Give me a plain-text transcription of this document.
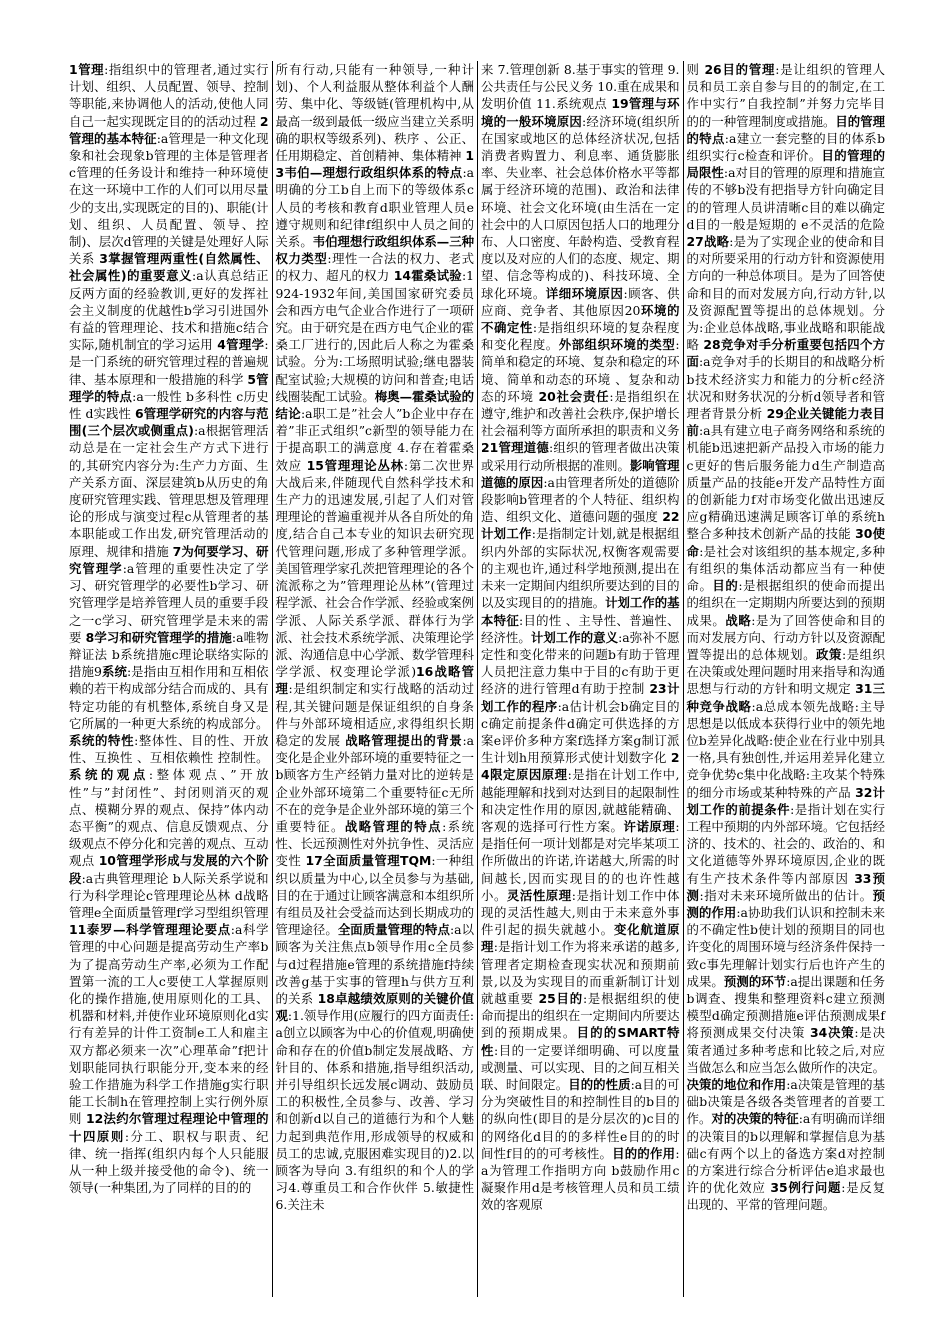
1管理:指组织中的管理者,通过实行计划、组织、人员配置、领导、控制等职能,来协调他人的活动,使他人同自己一起实现既定目的的活动过程 2管理的基本特征:a管理是一种文化现象和社会现象b管理的主体是管理者c管理的任务设计和维持一种环境使在这一环境中工作的人们可以用尽量少的支出,实现既定的目的)、职能(计划、组织、人员配置、领导、控制)、层次d管理的关键是处理好人际关系 3掌握管理两重性(自然属性、社会属性)的重要意义:a认真总结正反两方面的经验教训,更好的发挥社会主义制度的优越性b学习引进国外有益的管理理论、技术和措施c结合实际,随机制宜的学习运用 4管理学:是一门系统的研究管理过程的普遍规律、基本原理和一般措施的科学 5管理学的特点:a一般性 b多科性 c历史性 d实践性 6管理学研究的内容与范围(三个层次或侧重点):a根据管理活动总是在一定社会生产方式下进行的,其研究内容分为:生产力方面、生产关系方面、深层建筑b从历史的角度研究管理实践、管理思想及管理理论的形成与演变过程c从管理者的基本职能或工作出发,研究管理活动的原理、规律和措施 7为何要学习、研究管理学:a管理的重要性决定了学习、研究管理学的必要性b学习、研究管理学是培养管理人员的重要手段之一c学习、研究管理学是未来的需要 8学习和研究管理学的措施:a唯物辩证法 b系统措施c理论联络实际的措施9系统:是指由互相作用和互相依赖的若干构成部分结合而成的、具有特定功能的有机整体,系统自身又是它所属的一种更大系统的构成部分。系统的特性:整体性、目的性、开放性、互换性 、互相依赖性 控制性。系统的观点:整体观点、”开放性”与”封闭性”、封闭则消灭的观点、模糊分界的观点、保持”体内动态平衡”的观点、信息反馈观点、分级观点不停分化和完善的观点、互动观点 10管理学形成与发展的六个阶段:a古典管理理论 b人际关系学说和行为科学理论c管理理论丛林 d战略管理e全面质量管理f学习型组织管理 11泰罗—科学管理理论要点:a科学管理的中心问题是提高劳动生产率b为了提高劳动生产率,必须为工作配置第一流的工人c要使工人掌握原则化的操作措施,使用原则化的工具、机器和材料,并使作业环境原则化d实行有差异的计件工资制e工人和雇主双方都必须来一次”心理革命”f把计划职能同执行职能分开,变本来的经验工作措施为科学工作措施g实行职能工长制h在管理控制上实行例外原则 12法约尔管理过程理论中管理的十四原则:分工、职权与职责、纪律、统一指挥(组织内每个人只能服从一种上级并接受他的命令)、统一领导(一种集团,为了同样的目的的
所有行动,只能有一种领导,一种计划)、个人利益服从整体利益个人酬劳、集中化、等级链(管理机构中,从最高一级到最低一级应当建立关系明确的职权等级系列)、秩序 、公正、任用期稳定、首创精神、集体精神 13韦伯—理想行政组织体系的特点:a明确的分工b自上而下的等级体系c人员的考核和教育d职业管理人员e遵守规则和纪律f组织中人员之间的关系。韦伯理想行政组织体系—三种权力类型:理性一合法的权力、老式的权力、超凡的权力 14霍桑试验:1924-1932年间,美国国家研究委员会和西方电气企业合作进行了一项研究。由于研究是在西方电气企业的霍桑工厂进行的,因此后人称之为霍桑试验。分为:工场照明试验;继电器装配室试验;大规模的访问和普查;电话线圈装配工试验。梅奥—霍桑试验的结论:a职工是”社会人”b企业中存在着”非正式组织”c新型的领导能力在于提高职工的满意度 4.存在着霍桑效应 15管理理论丛林:第二次世界大战后来,伴随现代自然科学技术和生产力的迅速发展,引起了人们对管理理论的普遍重视并从各自所处的角度,结合自己本专业的知识去研究现代管理问题,形成了多种管理学派。美国管理学家孔茨把管理理论的各个流派称之为”管理理论丛林”(管理过程学派、社会合作学派、经验或案例学派、人际关系学派、群体行为学派、社会技术系统学派、决策理论学派、沟通信息中心学派、数学管理科学学派、权变理论学派)16战略管理:是组织制定和实行战略的活动过程,其关键问题是保证组织的自身条件与外部环境相适应,求得组织长期稳定的发展 战略管理提出的背景:a变化是企业外部环境的重要特征之一b顾客方生产经销力量对比的逆转是企业外部环境第二个重要特征c无所不在的竞争是企业外部环境的第三个重要特征。战略管理的特点:系统性、长远预测性对外抗争性、灵活应变性 17全面质量管理TQM:一种组织以质量为中心,以全员参与为基础,目的在于通过让顾客满意和本组织所有组员及社会受益而达到长期成功的管理途径。全面质量管理的特点:a以顾客为关注焦点b领导作用c全员参与d过程措施e管理的系统措施f持续改善g基于实事的管理h与供方互利的关系 18卓越绩效原则的关键价值观:1.领导作用(应履行的四方面责任:a创立以顾客为中心的价值观,明确使命和存在的价值b制定发展战略、方针目的、体系和措施,指导组织活动,并引导组织长远发展c调动、鼓励员工的积极性,全员参与、改善、学习和创新d以自己的道德行为和个人魅力起到典范作用,形成领导的权威和员工的忠诚,克服困难实现目的)2.以顾客为导向 3.有组织的和个人的学习4.尊重员工和合作伙伴 5.敏捷性 6.关注未
来 7.管理创新 8.基于事实的管理 9.公共责任与公民义务 10.重在成果和发明价值 11.系统观点 19管理与环境的一般环境原因:经济环境(组织所在国家或地区的总体经济状况,包括消费者购置力、利息率、通货膨胀率、失业率、社会总体价格水平等都属于经济环境的范围)、政治和法律环境、社会文化环境(由生活在一定社会中的人口原因包括人口的地理分布、人口密度、年龄构造、受教育程度以及对应的人们的态度、规定、期望、信念等构成的)、科技环境、全球化环境。详细环境原因:顾客、供应商、竞争者、其他原因20环境的不确定性:是指组织环境的复杂程度和变化程度。外部组织环境的类型:简单和稳定的环境、复杂和稳定的环境、简单和动态的环境 、复杂和动态的环境 20社会责任:是指组织在遵守,维护和改善社会秩序,保护增长社会福利等方面所承担的职责和义务 21管理道德:组织的管理者做出决策或采用行动所根据的准则。影响管理道德的原因:a由管理者所处的道德阶段影响b管理者的个人特征、组织构造、组织文化、道德问题的强度 22计划工作:是指制定计划,就是根据组织内外部的实际状况,权衡客观需要的主观也许,通过科学地预测,提出在未来一定期间内组织所要达到的目的以及实现目的的措施。计划工作的基本特征:目的性 、主导性、普遍性、经济性。计划工作的意义:a弥补不愿定性和变化带来的问题b有助于管理人员把注意力集中于目的c有助于更经济的进行管理d有助于控制 23计划工作的程序:a估计机会b确定目的 c确定前提条件d确定可供选择的方案e评价多种方案f选择方案g制订派生计划h用预算形式使计划数字化 24限定原因原理:是指在计划工作中,越能理解和找到对达到目的起限制性和决定性作用的原因,就越能精确、客观的选择可行性方案。许诺原理:是指任何一项计划都是对完毕某项工作所做出的许诺,许诺越大,所需的时间越长,因而实现目的的也许性越小。灵活性原理:是指计划工作中体现的灵活性越大,则由于未来意外事件引起的损失就越小。变化航道原理:是指计划工作为将来承诺的越多,管理者定期检查现实状况和预期前景,以及为实现目的而重新制订计划就越重要 25目的:是根据组织的使命而提出的组织在一定期间内所要达到的预期成果。目的的SMART特性:目的一定要详细明确、可以度量或测量、可以实现、目的之间互相关联、时间限定。目的的性质:a目的可分为突破性目的和控制性目的b目的的纵向性(即目的是分层次的)c目的的网络化d目的的多样性e目的的时间性f目的的可考核性。目的的作用:a为管理工作指明方向 b鼓励作用c凝聚作用d是考核管理人员和员工绩效的客观原
则 26目的管理:是让组织的管理人员和员工亲自参与目的的制定,在工作中实行”自我控制”并努力完毕目的的一种管理制度或措施。目的管理的特点:a建立一套完整的目的体系b组织实行c检查和评价。目的管理的局限性:a对目的管理的原理和措施宣传的不够b没有把指导方针向确定目的的管理人员讲清晰c目的难以确定d目的一般是短期的 e不灵活的危险 27战略:是为了实现企业的使命和目的对所要采用的行动方针和资源使用方向的一种总体项目。是为了回答使命和目的而对发展方向,行动方针,以及资源配置等提出的总体规划。分为:企业总体战略,事业战略和职能战略 28竞争对手分析重要包括四个方面:a竞争对手的长期目的和战略分析b技术经济实力和能力的分析c经济状况和财务状况的分析d领导者和管理者背景分析 29企业关键能力表目前:a具有建立电子商务网络和系统的机能b迅速把新产品投入市场的能力c更好的售后服务能力d生产制造高质量产品的技能e开发产品特性方面的创新能力f对市场变化做出迅速反应g精确迅速满足顾客订单的系统h整合多种技术创新产品的技能 30使命:是社会对该组织的基本规定,多种有组织的集体活动都应当有一种使命。目的:是根据组织的使命而提出的组织在一定期期内所要达到的预期成果。战略:是为了回答使命和目的而对发展方向、行动方针以及资源配置等提出的总体规划。政策:是组织在决策或处理问题时用来指导和沟通思想与行动的方针和明文规定 31三种竞争战略:a总成本领先战略:主导思想是以低成本获得行业中的领先地位b差异化战略:使企业在行业中别具一格,具有独创性,并运用差异化建立竞争优势c集中化战略:主攻某个特殊的细分市场或某种特殊的产品 32计划工作的前提条件:是指计划在实行工程中预期的内外部环境。它包括经济的、技术的、社会的、政治的、和文化道德等外界环境原因,企业的既有生产技术条件等内部原因 33预测:指对未来环境所做出的估计。预测的作用:a协助我们认识和控制未来的不确定性b使计划的预期目的同也许变化的周围环境与经济条件保持一致c事先理解计划实行后也许产生的成果。预测的环节:a提出课题和任务b调查、搜集和整理资料c建立预测模型d确定预测措施e评估预测成果f将预测成果交付决策 34决策:是决策者通过多种考虑和比较之后,对应当做怎么和应当怎么做所作的决定。决策的地位和作用:a决策是管理的基础b决策是各级各类管理者的首要工作。对的决策的特征:a有明确而详细的决策目的b以理解和掌握信息为基础c有两个以上的备选方案d对控制的方案进行综合分析评估e追求最也许的优化效应 35例行问题:是反复出现的、平常的管理问题。
